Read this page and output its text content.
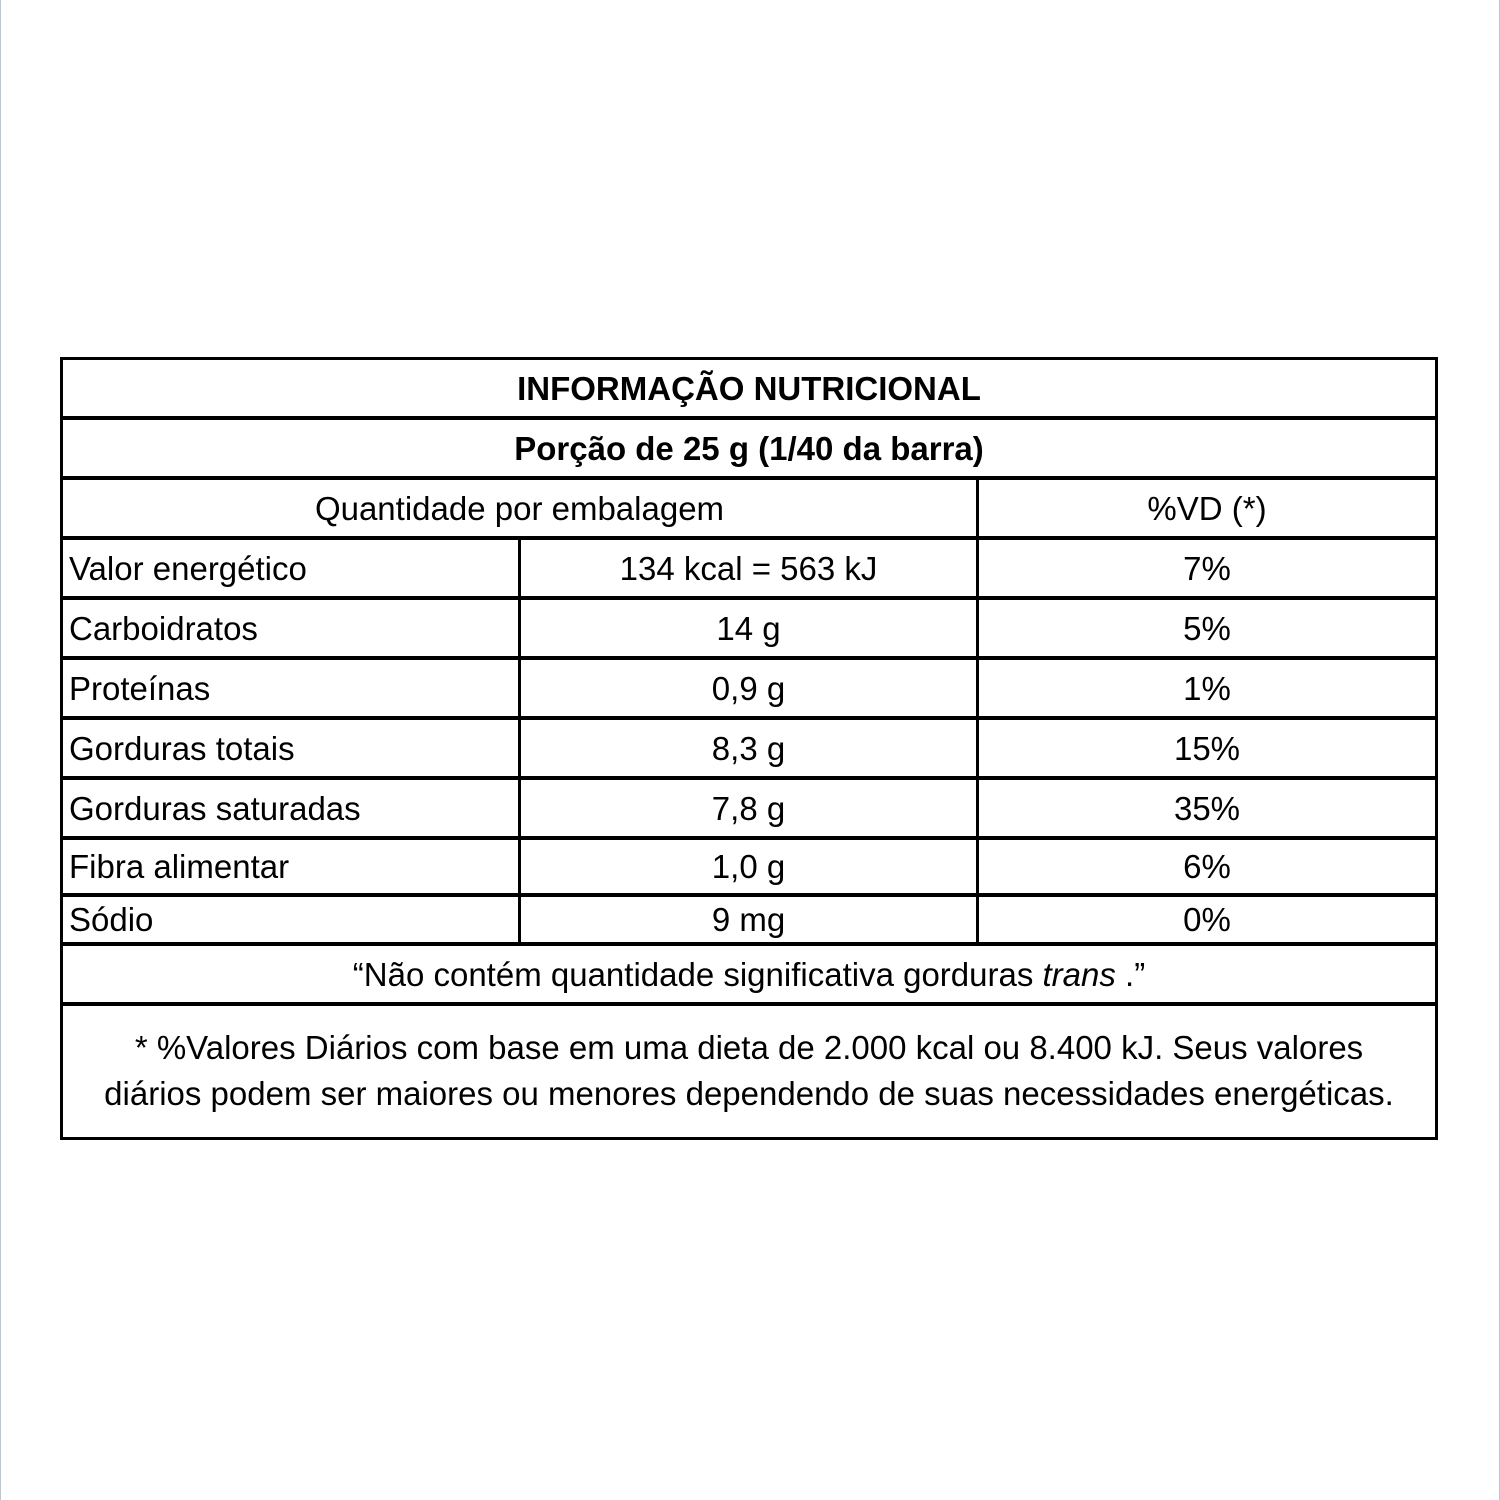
INFORMAÇÃO NUTRICIONAL
Porção de 25 g (1/40 da barra)
Quantidade por embalagem	%VD (*)
Valor energético	134 kcal = 563 kJ	7%
Carboidratos	14 g	5%
Proteínas	0,9 g	1%
Gorduras totais	8,3 g	15%
Gorduras saturadas	7,8 g	35%
Fibra alimentar	1,0 g	6%
Sódio	9 mg	0%
“Não contém quantidade significativa gorduras trans .”
* %Valores Diários com base em uma dieta de 2.000 kcal ou 8.400 kJ. Seus valores
diários podem ser maiores ou menores dependendo de suas necessidades energéticas.
